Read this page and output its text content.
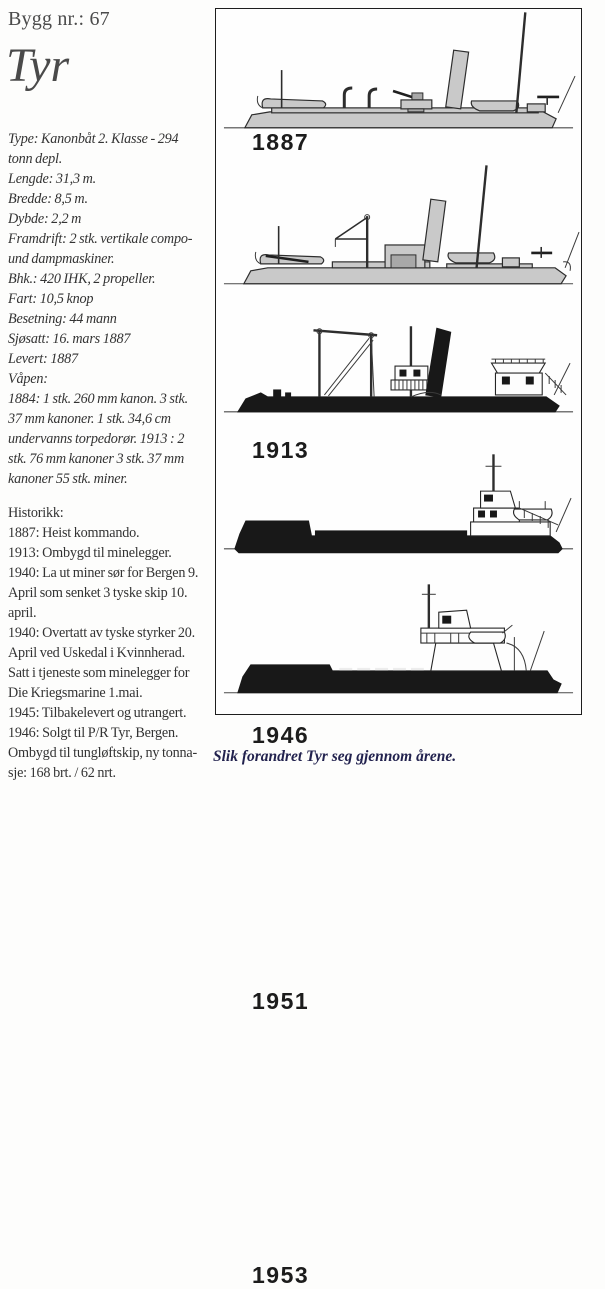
Bygg nr.: 67
Tyr
Type: Kanonbåt 2. Klasse - 294
tonn depl.
Lengde: 31,3 m.
Bredde: 8,5 m.
Dybde: 2,2 m
Framdrift: 2 stk. vertikale compo-
und dampmaskiner.
Bhk.: 420 IHK, 2 propeller.
Fart: 10,5 knop
Besetning: 44 mann
Sjøsatt: 16. mars 1887
Levert: 1887
Våpen:
1884: 1 stk. 260 mm kanon. 3 stk.
37 mm kanoner. 1 stk. 34,6 cm
undervanns torpedorør. 1913 : 2
stk. 76 mm kanoner 3 stk. 37 mm
kanoner 55 stk. miner.
Historikk:
1887: Heist kommando.
1913: Ombygd til minelegger.
1940: La ut miner sør for Bergen 9.
April som senket 3 tyske skip 10.
april.
1940: Overtatt av tyske styrker 20.
April ved Uskedal i Kvinnherad.
Satt i tjeneste som minelegger for
Die Kriegsmarine 1.mai.
1945: Tilbakelevert og utrangert.
1946: Solgt til P/R Tyr, Bergen.
Ombygd til tungløftskip, ny tonna-
sje: 168 brt. / 62 nrt.
1887
1913
1946
1951
1953
Slik forandret Tyr seg gjennom årene.
